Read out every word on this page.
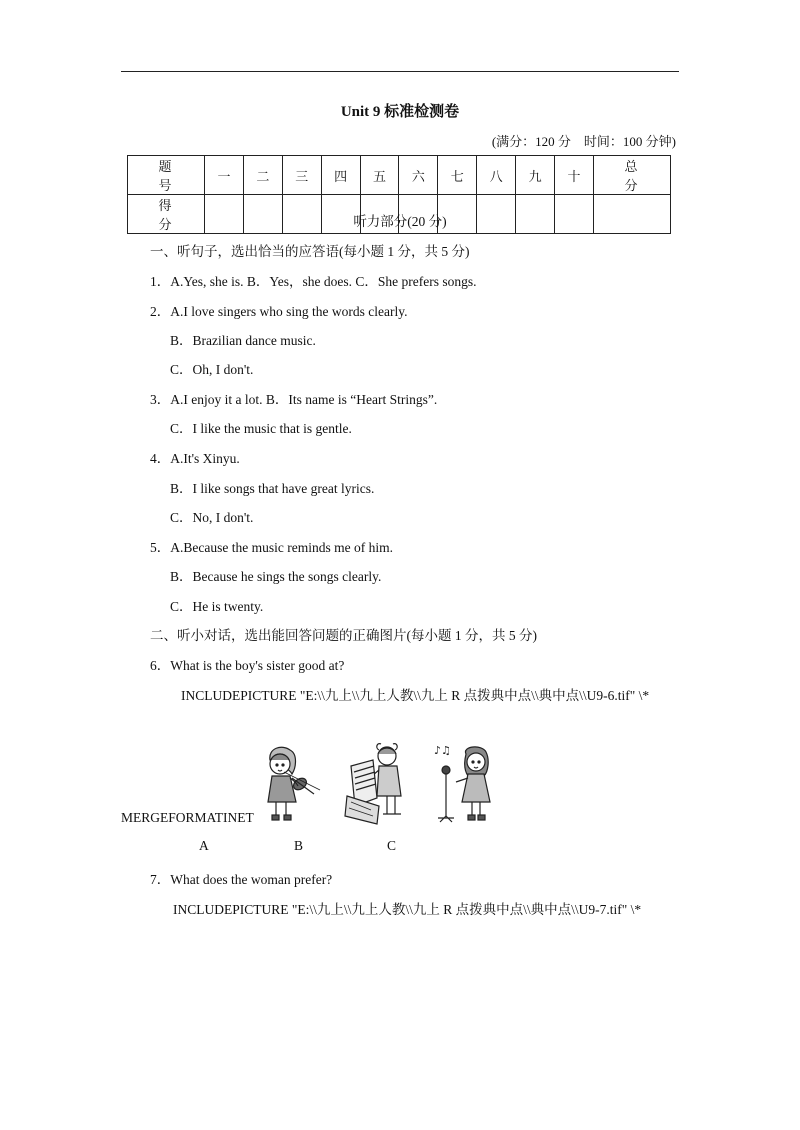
Unit 9 标准检测卷
(满分：120 分　时间：100 分钟)
题　号	一	二	三	四	五	六	七	八	九	十	总　分
得　分												听力部分(20 分)
一、听句子，选出恰当的应答语(每小题 1 分，共 5 分)
1．A.Yes, she is. B．Yes，she does. C．She prefers songs.
2．A.I love singers who sing the words clearly.
B．Brazilian dance music.
C．Oh, I don't.
3．A.I enjoy it a lot. B．Its name is “Heart Strings”.
C．I like the music that is gentle.
4．A.It's Xinyu.
B．I like songs that have great lyrics.
C．No, I don't.
5．A.Because the music reminds me of him.
B．Because he sings the songs clearly.
C．He is twenty.
二、听小对话，选出能回答问题的正确图片(每小题 1 分，共 5 分)
6．What is the boy's sister good at?
INCLUDEPICTURE "E:\\九上\\九上人教\\九上 R 点拨典中点\\典中点\\U9-6.tif" \*
♪♫
MERGEFORMATINET
A	B	C
7．What does the woman prefer?
INCLUDEPICTURE "E:\\九上\\九上人教\\九上 R 点拨典中点\\典中点\\U9-7.tif" \*
